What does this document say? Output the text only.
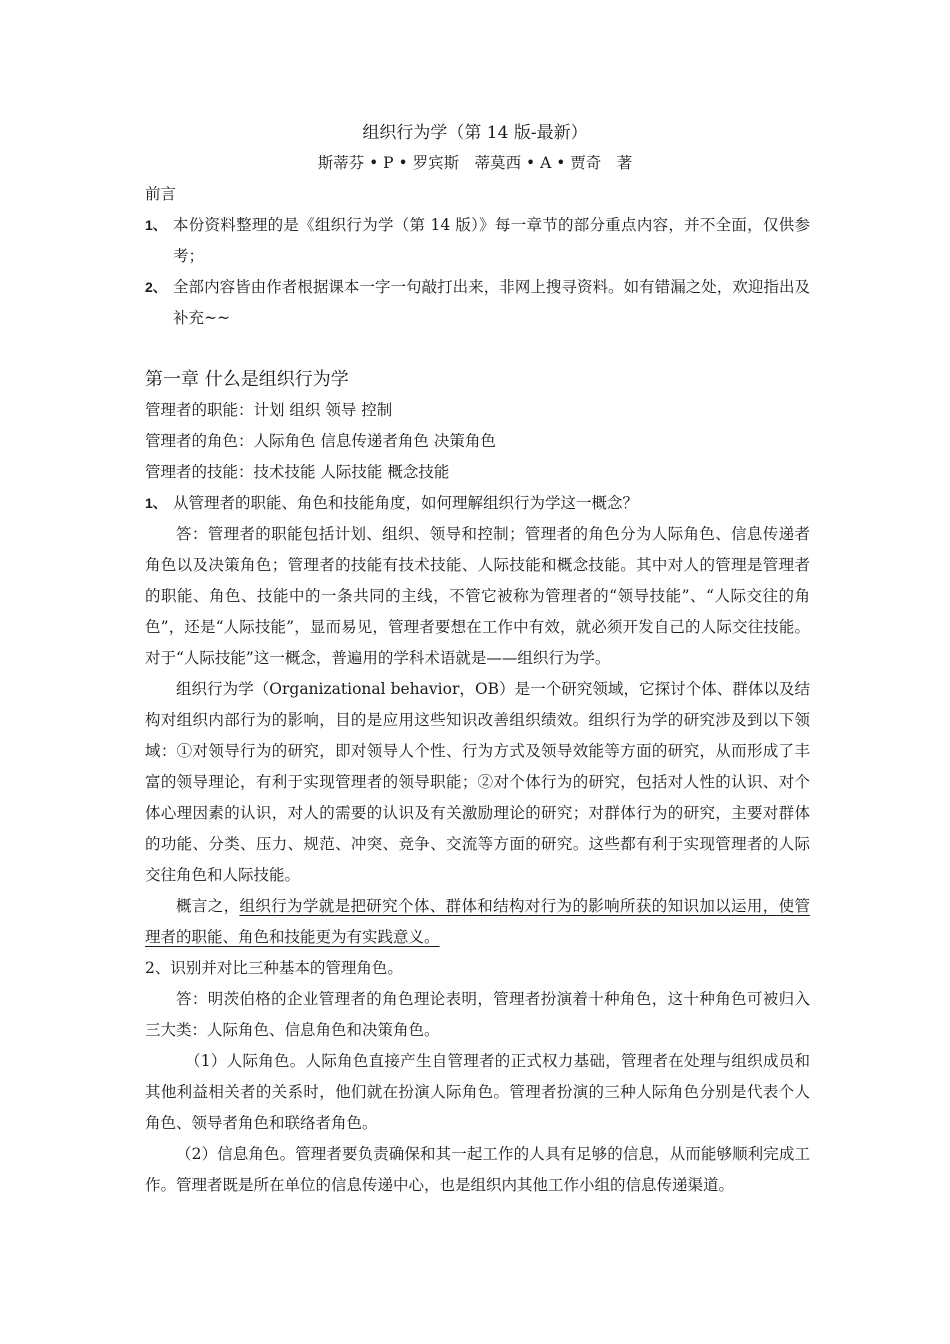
组织行为学（第 14 版-最新）
斯蒂芬 • P • 罗宾斯　蒂莫西 • A • 贾奇　著
前言
1、 本份资料整理的是《组织行为学（第 14 版）》每一章节的部分重点内容，并不全面，仅供参考；
2、 全部内容皆由作者根据课本一字一句敲打出来，非网上搜寻资料。如有错漏之处，欢迎指出及补充~~
第一章 什么是组织行为学
管理者的职能：计划 组织 领导 控制
管理者的角色：人际角色 信息传递者角色 决策角色
管理者的技能：技术技能 人际技能 概念技能
1、 从管理者的职能、角色和技能角度，如何理解组织行为学这一概念？
答：管理者的职能包括计划、组织、领导和控制；管理者的角色分为人际角色、信息传递者角色以及决策角色；管理者的技能有技术技能、人际技能和概念技能。其中对人的管理是管理者的职能、角色、技能中的一条共同的主线，不管它被称为管理者的“领导技能”、“人际交往的角色”，还是“人际技能”，显而易见，管理者要想在工作中有效，就必须开发自己的人际交往技能。对于“人际技能”这一概念，普遍用的学科术语就是——组织行为学。
组织行为学（Organizational behavior，OB）是一个研究领域，它探讨个体、群体以及结构对组织内部行为的影响，目的是应用这些知识改善组织绩效。组织行为学的研究涉及到以下领域：①对领导行为的研究，即对领导人个性、行为方式及领导效能等方面的研究，从而形成了丰富的领导理论，有利于实现管理者的领导职能；②对个体行为的研究，包括对人性的认识、对个体心理因素的认识，对人的需要的认识及有关激励理论的研究；对群体行为的研究，主要对群体的功能、分类、压力、规范、冲突、竞争、交流等方面的研究。这些都有利于实现管理者的人际交往角色和人际技能。
概言之，组织行为学就是把研究个体、群体和结构对行为的影响所获的知识加以运用，使管理者的职能、角色和技能更为有实践意义。
2、识别并对比三种基本的管理角色。
答：明茨伯格的企业管理者的角色理论表明，管理者扮演着十种角色，这十种角色可被归入三大类：人际角色、信息角色和决策角色。
（1）人际角色。人际角色直接产生自管理者的正式权力基础，管理者在处理与组织成员和其他利益相关者的关系时，他们就在扮演人际角色。管理者扮演的三种人际角色分别是代表个人角色、领导者角色和联络者角色。
（2）信息角色。管理者要负责确保和其一起工作的人具有足够的信息，从而能够顺利完成工作。管理者既是所在单位的信息传递中心，也是组织内其他工作小组的信息传递渠道。
